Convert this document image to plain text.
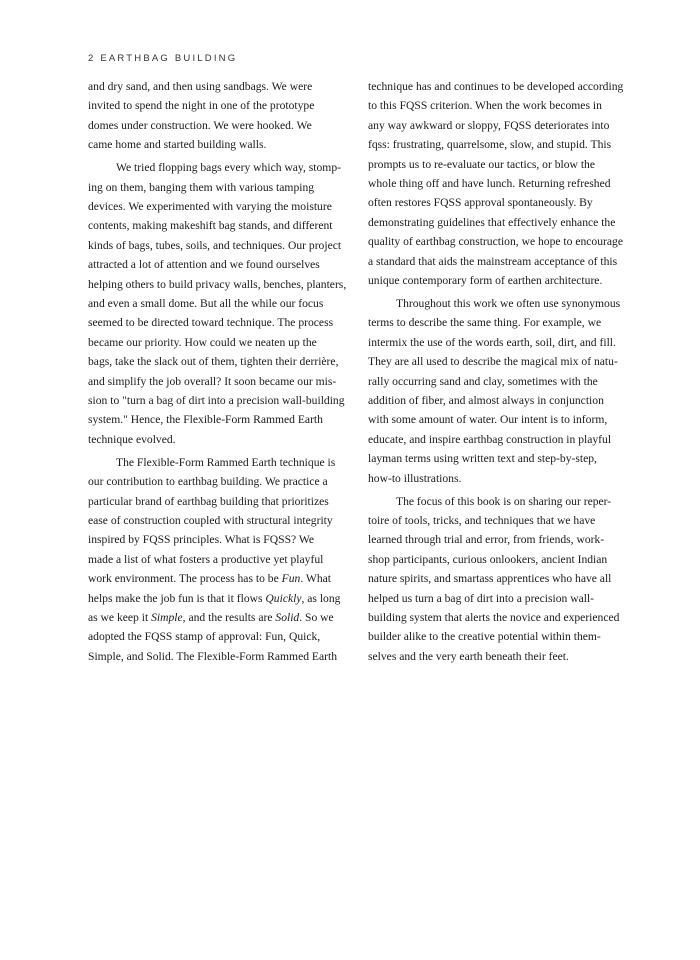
2 EARTHBAG BUILDING
and dry sand, and then using sandbags. We were
invited to spend the night in one of the prototype
domes under construction. We were hooked. We
came home and started building walls.
We tried flopping bags every which way, stomp-
ing on them, banging them with various tamping
devices. We experimented with varying the moisture
contents, making makeshift bag stands, and different
kinds of bags, tubes, soils, and techniques. Our project
attracted a lot of attention and we found ourselves
helping others to build privacy walls, benches, planters,
and even a small dome. But all the while our focus
seemed to be directed toward technique. The process
became our priority. How could we neaten up the
bags, take the slack out of them, tighten their derrière,
and simplify the job overall? It soon became our mis-
sion to "turn a bag of dirt into a precision wall-building
system." Hence, the Flexible-Form Rammed Earth
technique evolved.
The Flexible-Form Rammed Earth technique is
our contribution to earthbag building. We practice a
particular brand of earthbag building that prioritizes
ease of construction coupled with structural integrity
inspired by FQSS principles. What is FQSS? We
made a list of what fosters a productive yet playful
work environment. The process has to be Fun. What
helps make the job fun is that it flows Quickly, as long
as we keep it Simple, and the results are Solid. So we
adopted the FQSS stamp of approval: Fun, Quick,
Simple, and Solid. The Flexible-Form Rammed Earth
technique has and continues to be developed according
to this FQSS criterion. When the work becomes in
any way awkward or sloppy, FQSS deteriorates into
fqss: frustrating, quarrelsome, slow, and stupid. This
prompts us to re-evaluate our tactics, or blow the
whole thing off and have lunch. Returning refreshed
often restores FQSS approval spontaneously. By
demonstrating guidelines that effectively enhance the
quality of earthbag construction, we hope to encourage
a standard that aids the mainstream acceptance of this
unique contemporary form of earthen architecture.
Throughout this work we often use synonymous
terms to describe the same thing. For example, we
intermix the use of the words earth, soil, dirt, and fill.
They are all used to describe the magical mix of natu-
rally occurring sand and clay, sometimes with the
addition of fiber, and almost always in conjunction
with some amount of water. Our intent is to inform,
educate, and inspire earthbag construction in playful
layman terms using written text and step-by-step,
how-to illustrations.
The focus of this book is on sharing our reper-
toire of tools, tricks, and techniques that we have
learned through trial and error, from friends, work-
shop participants, curious onlookers, ancient Indian
nature spirits, and smartass apprentices who have all
helped us turn a bag of dirt into a precision wall-
building system that alerts the novice and experienced
builder alike to the creative potential within them-
selves and the very earth beneath their feet.
